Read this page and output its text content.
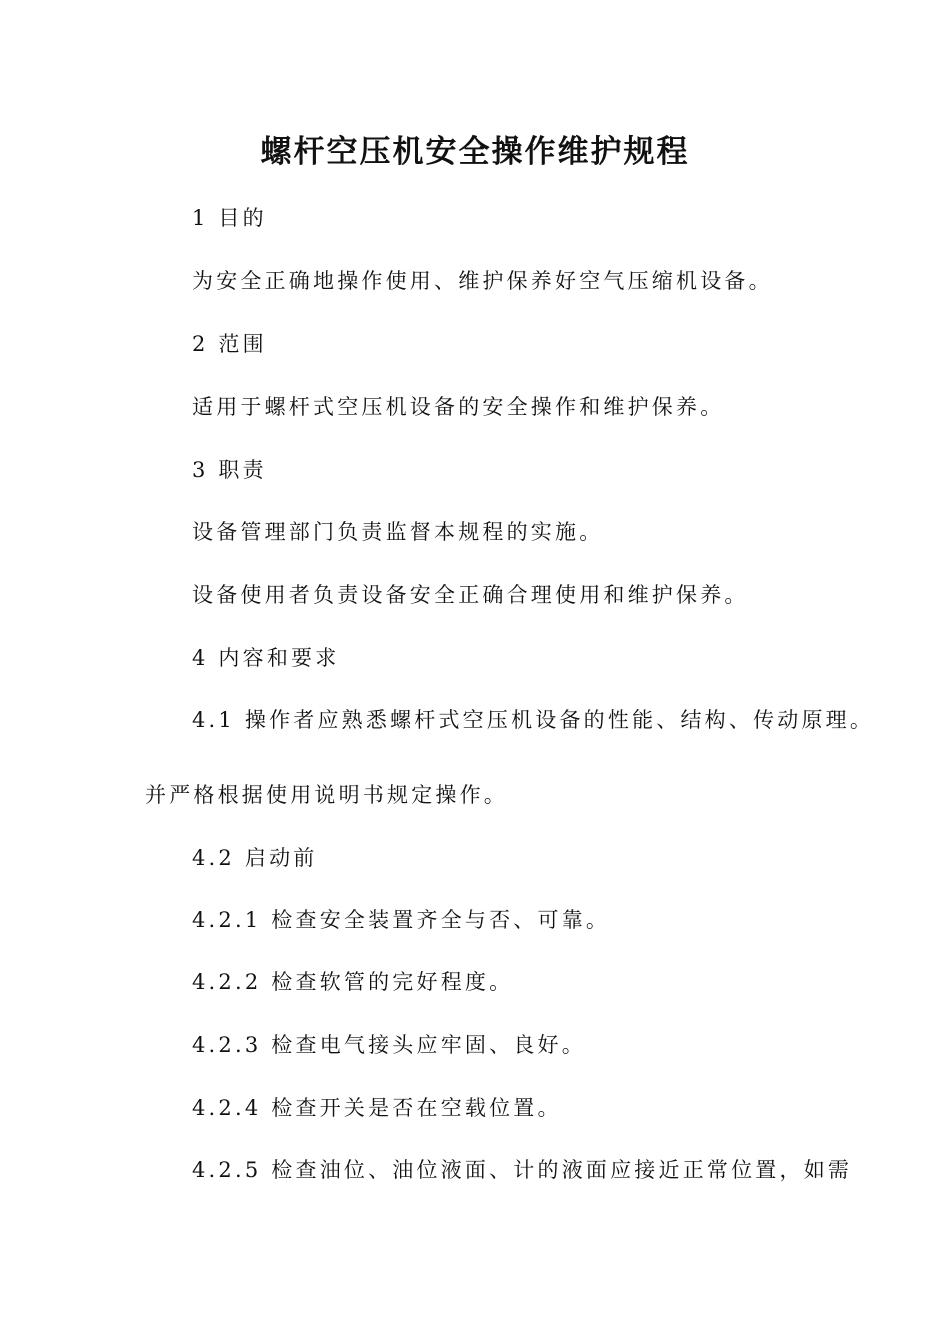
螺杆空压机安全操作维护规程
1 目的
为安全正确地操作使用、维护保养好空气压缩机设备。
2 范围
适用于螺杆式空压机设备的安全操作和维护保养。
3 职责
设备管理部门负责监督本规程的实施。
设备使用者负责设备安全正确合理使用和维护保养。
4 内容和要求
4.1 操作者应熟悉螺杆式空压机设备的性能、结构、传动原理。
并严格根据使用说明书规定操作。
4.2 启动前
4.2.1 检查安全装置齐全与否、可靠。
4.2.2 检查软管的完好程度。
4.2.3 检查电气接头应牢固、良好。
4.2.4 检查开关是否在空载位置。
4.2.5 检查油位、油位液面、计的液面应接近正常位置，如需
